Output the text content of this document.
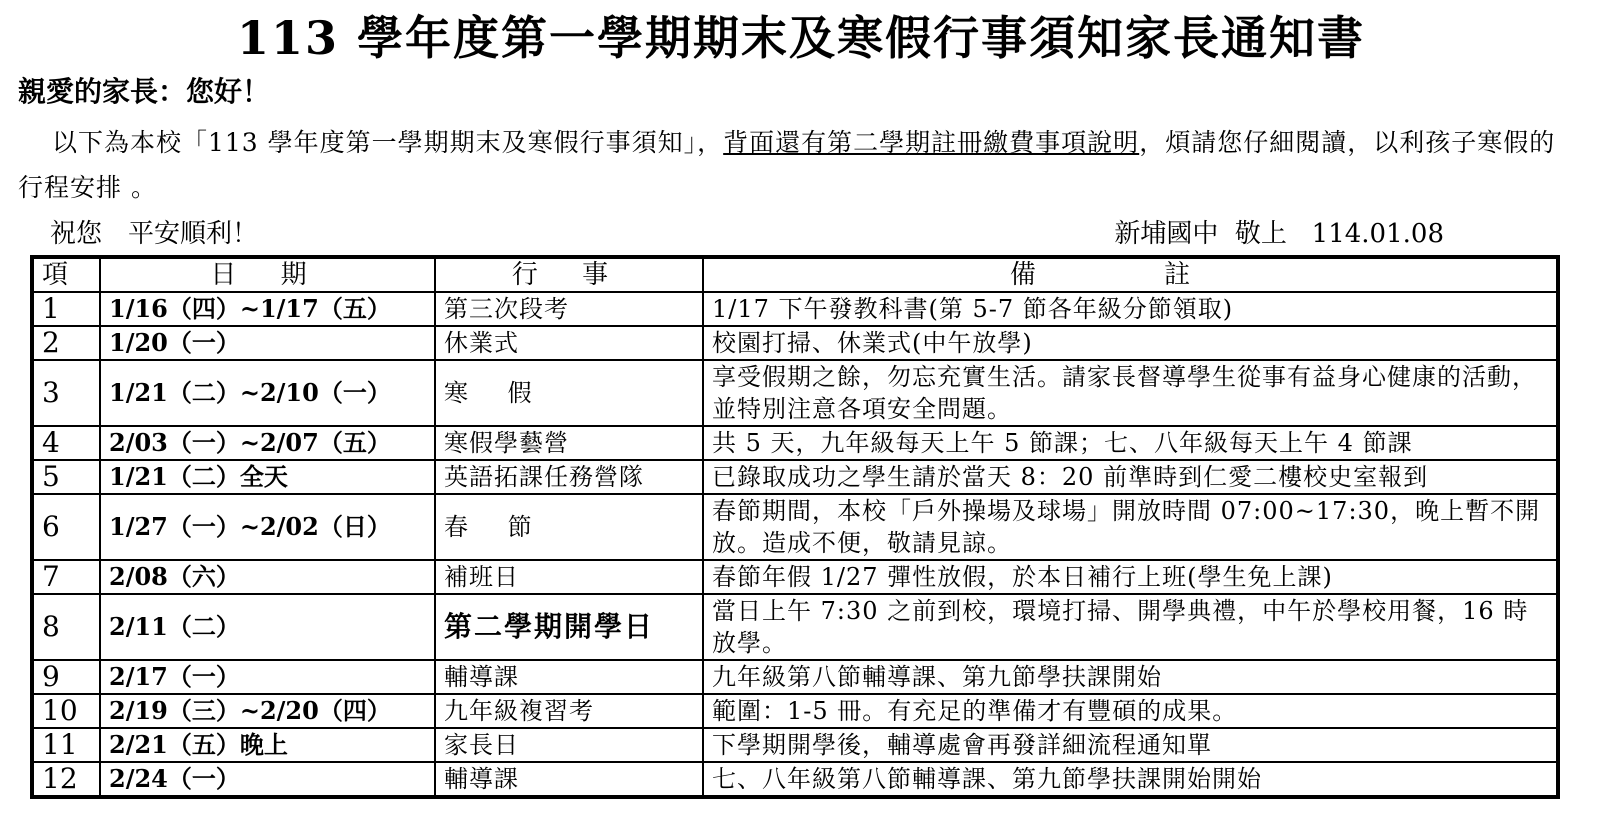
113 學年度第一學期期末及寒假行事須知家長通知書
親愛的家長：您好！
以下為本校「113 學年度第一學期期末及寒假行事須知」，背面還有第二學期註冊繳費事項說明，煩請您仔細閱讀，以利孩子寒假的行程安排 。
祝您　平安順利！	新埔國中  敬上   114.01.08
項	日 期	行 事	備 註
1	1/16（四）~1/17（五）	第三次段考	1/17 下午發教科書(第 5-7 節各年級分節領取)
2	1/20（一）	休業式	校園打掃、休業式(中午放學)
3	1/21（二）~2/10（一）	寒 假	享受假期之餘，勿忘充實生活。請家長督導學生從事有益身心健康的活動，並特別注意各項安全問題。
4	2/03（一）~2/07（五）	寒假學藝營	共 5 天，九年級每天上午 5 節課；七、八年級每天上午 4 節課
5	1/21（二）全天	英語拓課任務營隊	已錄取成功之學生請於當天 8：20 前準時到仁愛二樓校史室報到
6	1/27（一）~2/02（日）	春 節	春節期間，本校「戶外操場及球場」開放時間 07:00~17:30，晚上暫不開放。造成不便，敬請見諒。
7	2/08（六）	補班日	春節年假 1/27 彈性放假，於本日補行上班(學生免上課)
8	2/11（二）	第二學期開學日	當日上午 7:30 之前到校，環境打掃、開學典禮，中午於學校用餐，16 時放學。
9	2/17（一）	輔導課	九年級第八節輔導課、第九節學扶課開始
10	2/19（三）~2/20（四）	九年級複習考	範圍：1-5 冊。有充足的準備才有豐碩的成果。
11	2/21（五）晚上	家長日	下學期開學後，輔導處會再發詳細流程通知單
12	2/24（一）	輔導課	七、八年級第八節輔導課、第九節學扶課開始開始
